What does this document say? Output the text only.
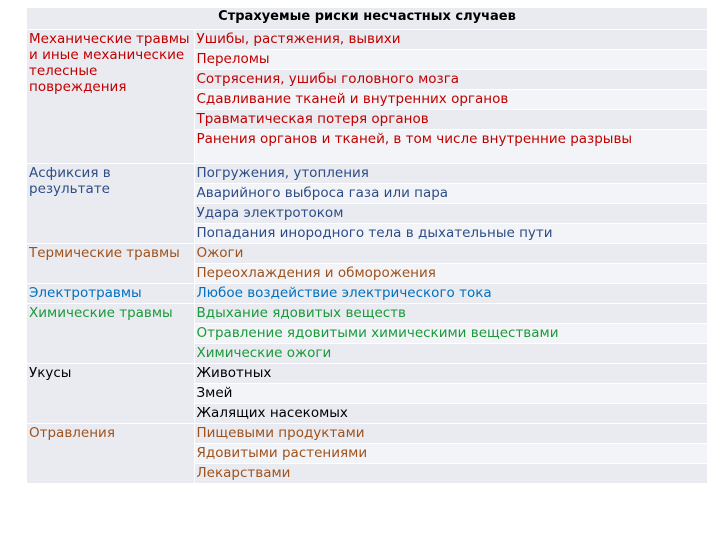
Страхуемые риски несчастных случаев	
Механические травмы и иные механические телесные повреждения	Ушибы, растяжения, вывихи
	Переломы
	Сотрясения, ушибы головного мозга
	Сдавливание тканей и внутренних органов
	Травматическая потеря органов
	Ранения органов и тканей, в том числе внутренние разрывы
Асфиксия в результате	Погружения, утопления
	Аварийного выброса газа или пара
	Удара электротоком
	Попадания инородного тела в дыхательные пути
Термические травмы	Ожоги
	Переохлаждения и обморожения
Электротравмы	Любое воздействие электрического тока
Химические травмы	Вдыхание ядовитых веществ
	Отравление ядовитыми химическими веществами
	Химические ожоги
Укусы	Животных
	Змей
	Жалящих насекомых
Отравления	Пищевыми продуктами
	Ядовитыми растениями
	Лекарствами
